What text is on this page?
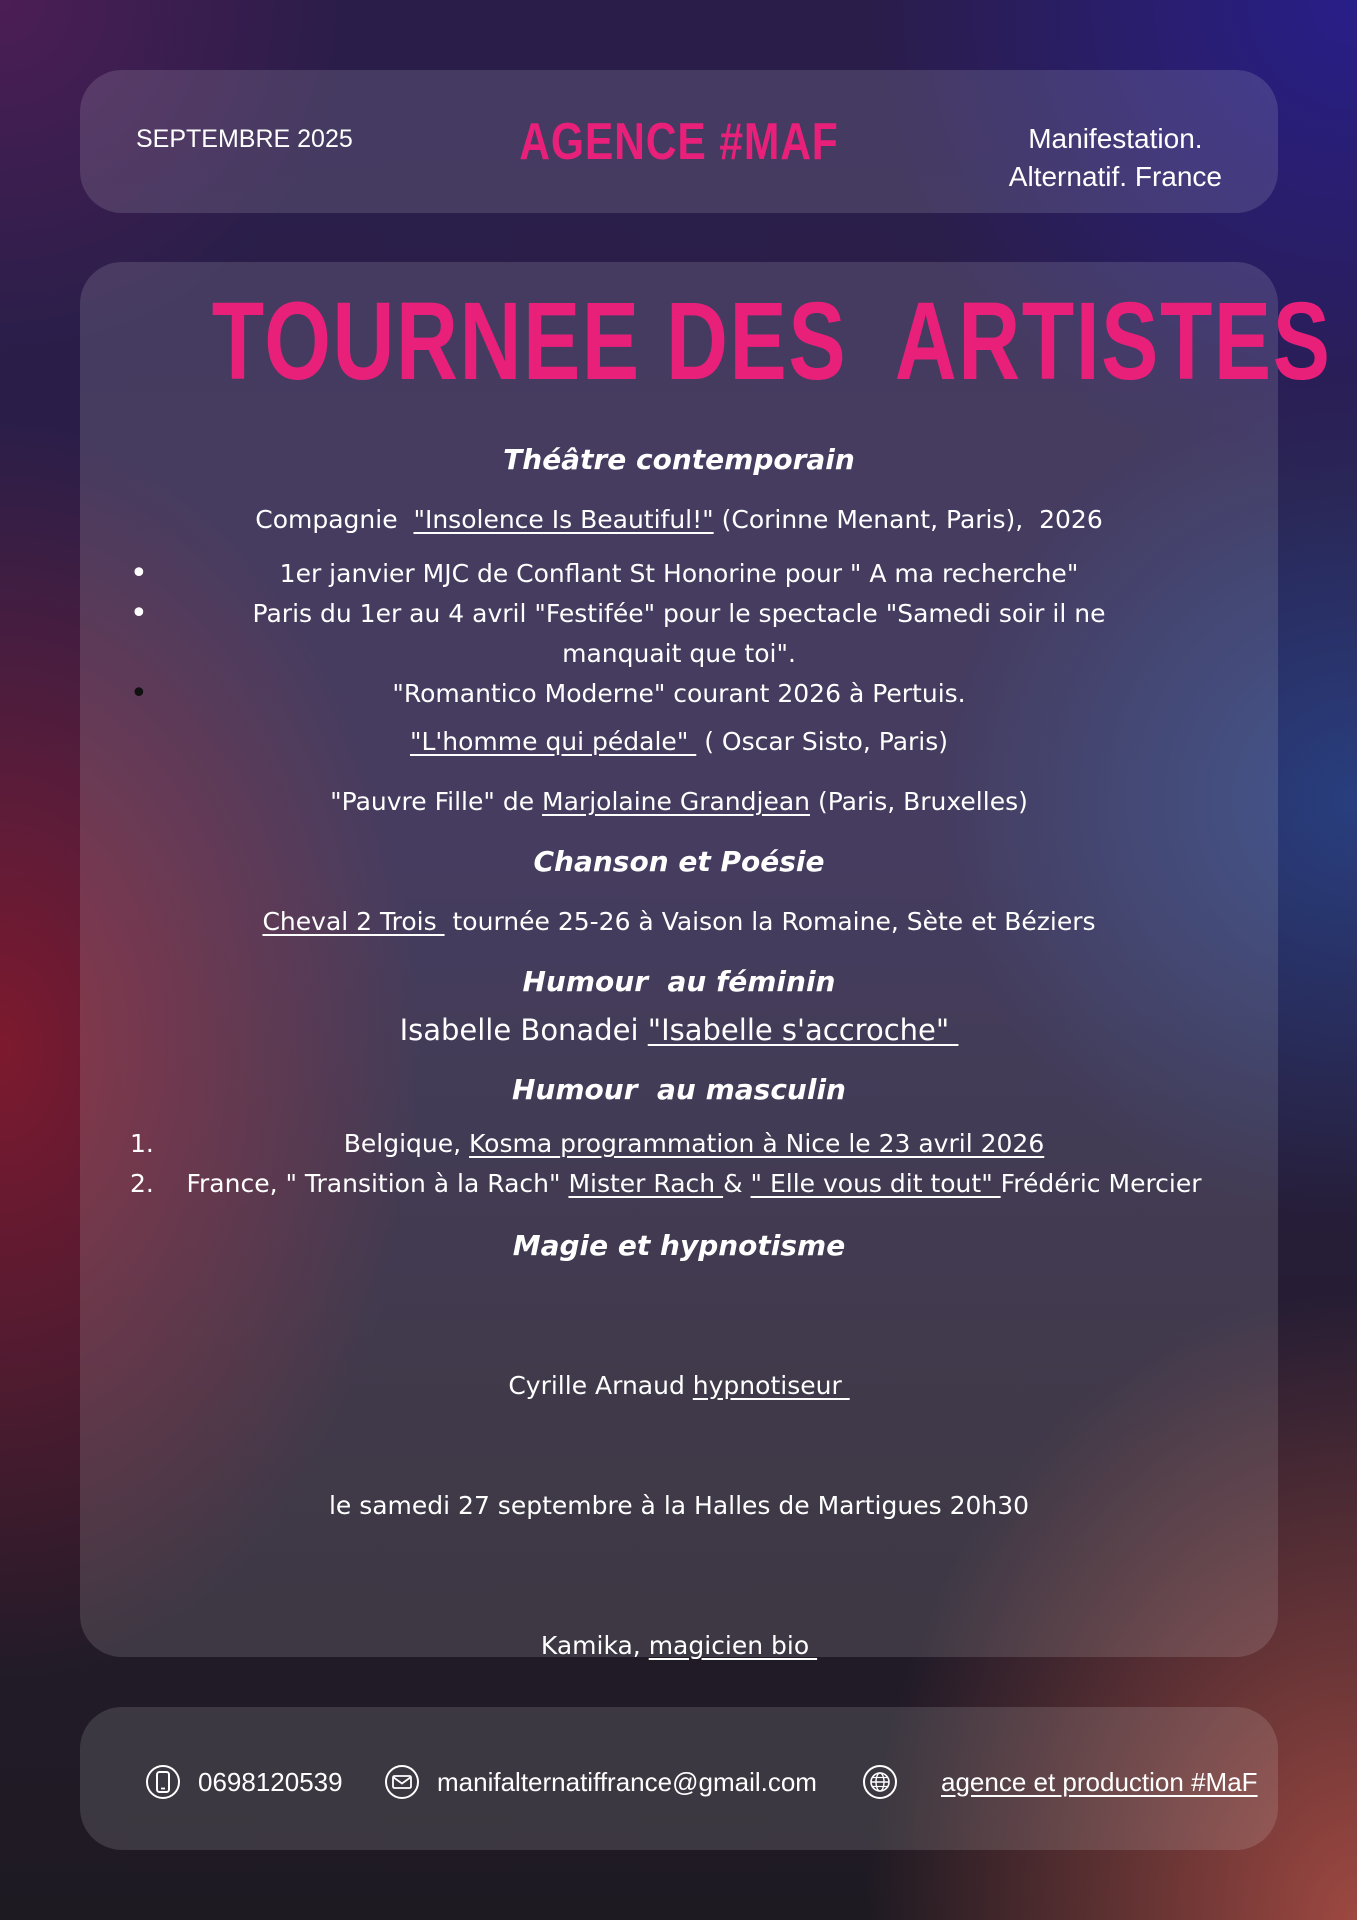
SEPTEMBRE 2025	AGENCE #MAF	Manifestation.
Alternatif. France
TOURNEE DES  ARTISTES
Théâtre contemporain
Compagnie  "Insolence Is Beautiful!" (Corinne Menant, Paris),  2026
• 1er janvier MJC de Conflant St Honorine pour " A ma recherche"
• Paris du 1er au 4 avril "Festifée" pour le spectacle "Samedi soir il ne manquait que toi".
• "Romantico Moderne" courant 2026 à Pertuis.
"L'homme qui pédale"  ( Oscar Sisto, Paris)
"Pauvre Fille" de Marjolaine Grandjean (Paris, Bruxelles)
Chanson et Poésie
Cheval 2 Trois  tournée 25-26 à Vaison la Romaine, Sète et Béziers
Humour  au féminin
Isabelle Bonadei "Isabelle s'accroche"
Humour  au masculin
1.	Belgique, Kosma programmation à Nice le 23 avril 2026
2. France, " Transition à la Rach" Mister Rach & " Elle vous dit tout" Frédéric Mercier
Magie et hypnotisme

Cyrille Arnaud hypnotiseur

le samedi 27 septembre à la Halles de Martigues 20h30

Kamika, magicien bio
0698120539	manifalternatiffrance@gmail.com	agence et production #MaF
